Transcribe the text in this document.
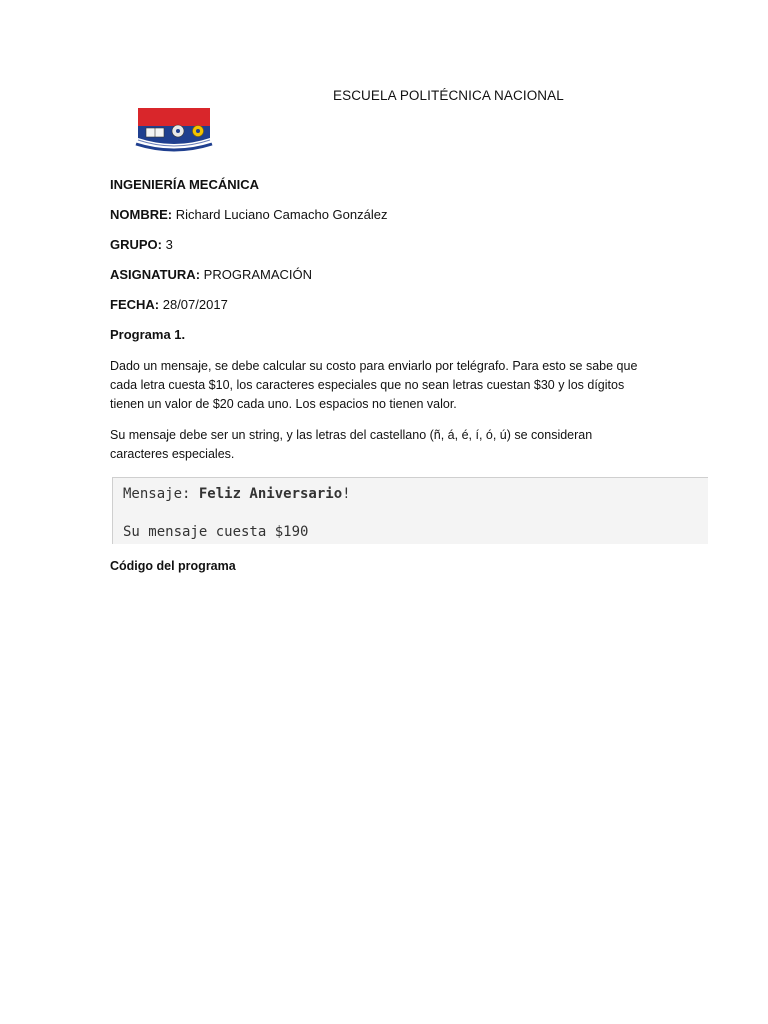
ESCUELA POLITÉCNICA NACIONAL
INGENIERÍA MECÁNICA
NOMBRE: Richard Luciano Camacho González
GRUPO: 3
ASIGNATURA: PROGRAMACIÓN
FECHA: 28/07/2017
Programa 1.
Dado un mensaje, se debe calcular su costo para enviarlo por telégrafo. Para esto se sabe que
cada letra cuesta $10, los caracteres especiales que no sean letras cuestan $30 y los dígitos
tienen un valor de $20 cada uno. Los espacios no tienen valor.
Su mensaje debe ser un string, y las letras del castellano (ñ, á, é, í, ó, ú) se consideran
caracteres especiales.
Mensaje: Feliz Aniversario!
Su mensaje cuesta $190
Código del programa
